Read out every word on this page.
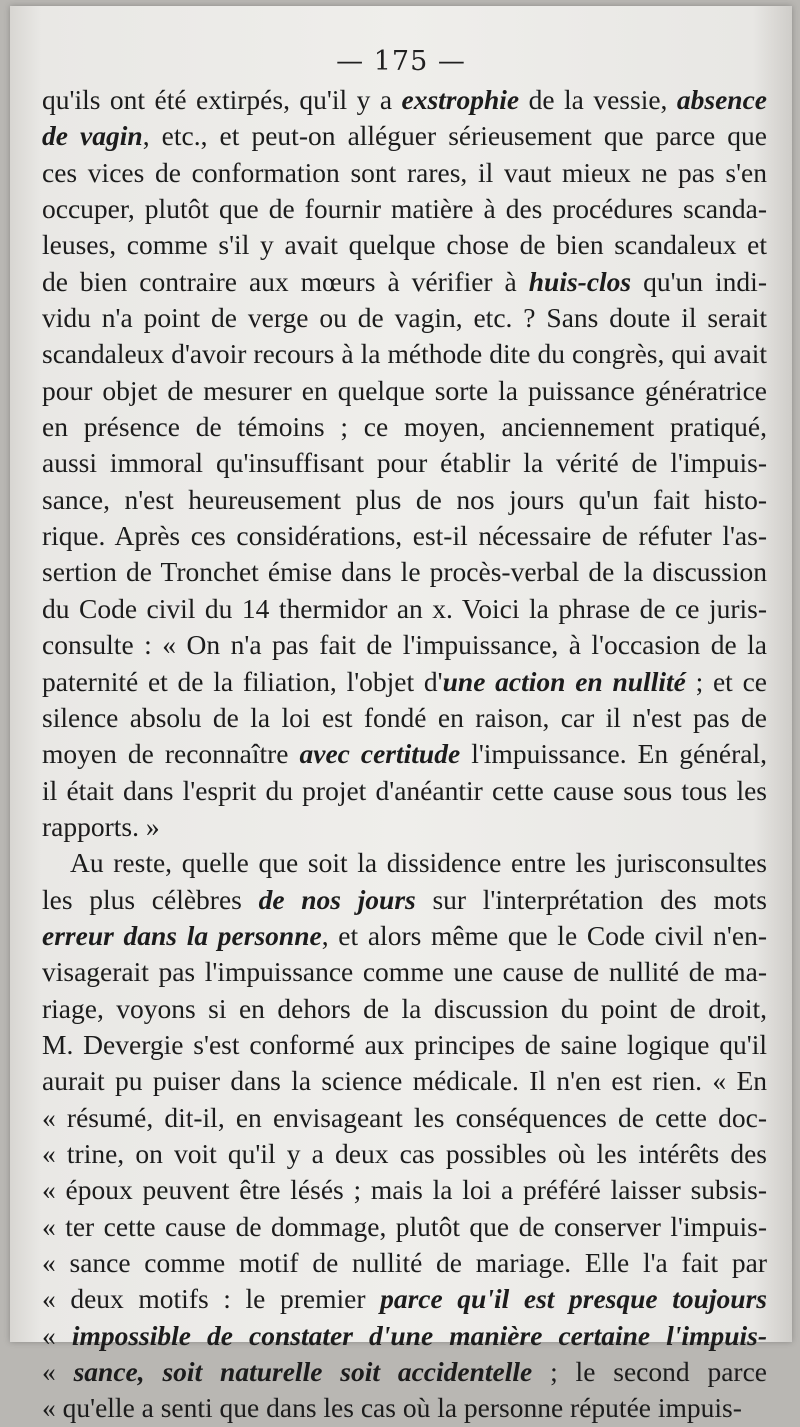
— 175 —
qu'ils ont été extirpés, qu'il y a exstrophie de la vessie, absence
de vagin, etc., et peut-on alléguer sérieusement que parce que
ces vices de conformation sont rares, il vaut mieux ne pas s'en
occuper, plutôt que de fournir matière à des procédures scanda-
leuses, comme s'il y avait quelque chose de bien scandaleux et
de bien contraire aux mœurs à vérifier à huis-clos qu'un indi-
vidu n'a point de verge ou de vagin, etc. ? Sans doute il serait
scandaleux d'avoir recours à la méthode dite du congrès, qui avait
pour objet de mesurer en quelque sorte la puissance génératrice
en présence de témoins ; ce moyen, anciennement pratiqué,
aussi immoral qu'insuffisant pour établir la vérité de l'impuis-
sance, n'est heureusement plus de nos jours qu'un fait histo-
rique. Après ces considérations, est-il nécessaire de réfuter l'as-
sertion de Tronchet émise dans le procès-verbal de la discussion
du Code civil du 14 thermidor an x. Voici la phrase de ce juris-
consulte : « On n'a pas fait de l'impuissance, à l'occasion de la
paternité et de la filiation, l'objet d'une action en nullité ; et ce
silence absolu de la loi est fondé en raison, car il n'est pas de
moyen de reconnaître avec certitude l'impuissance. En général,
il était dans l'esprit du projet d'anéantir cette cause sous tous les
rapports. »
Au reste, quelle que soit la dissidence entre les jurisconsultes
les plus célèbres de nos jours sur l'interprétation des mots
erreur dans la personne, et alors même que le Code civil n'en-
visagerait pas l'impuissance comme une cause de nullité de ma-
riage, voyons si en dehors de la discussion du point de droit,
M. Devergie s'est conformé aux principes de saine logique qu'il
aurait pu puiser dans la science médicale. Il n'en est rien. « En
« résumé, dit-il, en envisageant les conséquences de cette doc-
« trine, on voit qu'il y a deux cas possibles où les intérêts des
« époux peuvent être lésés ; mais la loi a préféré laisser subsis-
« ter cette cause de dommage, plutôt que de conserver l'impuis-
« sance comme motif de nullité de mariage. Elle l'a fait par
« deux motifs : le premier parce qu'il est presque toujours
« impossible de constater d'une manière certaine l'impuis-
« sance, soit naturelle soit accidentelle ; le second parce
« qu'elle a senti que dans les cas où la personne réputée impuis-
